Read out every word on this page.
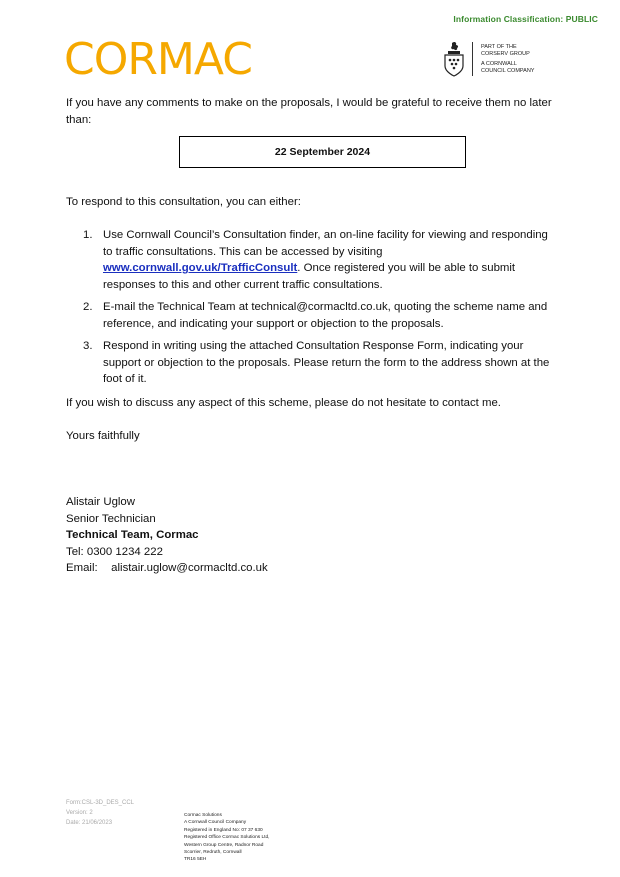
Information Classification: PUBLIC
CORMAC	PART OF THE
CORSERV GROUP
A CORNWALL
COUNCIL COMPANY
If you have any comments to make on the proposals, I would be grateful to receive them no later than:
22 September 2024
To respond to this consultation, you can either:
1. Use Cornwall Council’s Consultation finder, an on-line facility for viewing and responding to traffic consultations. This can be accessed by visiting www.cornwall.gov.uk/TrafficConsult. Once registered you will be able to submit responses to this and other current traffic consultations.
2. E-mail the Technical Team at technical@cormacltd.co.uk, quoting the scheme name and reference, and indicating your support or objection to the proposals.
3. Respond in writing using the attached Consultation Response Form, indicating your support or objection to the proposals. Please return the form to the address shown at the foot of it.
If you wish to discuss any aspect of this scheme, please do not hesitate to contact me.
Yours faithfully
Alistair Uglow
Senior Technician
Technical Team, Cormac
Tel: 0300 1234 222
Email: alistair.uglow@cormacltd.co.uk
Form:CSL-3D_DES_CCL
Version: 2
Date: 21/06/2023
Cormac Solutions
A Cornwall Council Company
Registered in England No: 07 37 630
Registered Office Cormac Solutions Ltd,
Western Group Centre, Radnor Road
Scorrier, Redruth, Cornwall
TR16 5EH
